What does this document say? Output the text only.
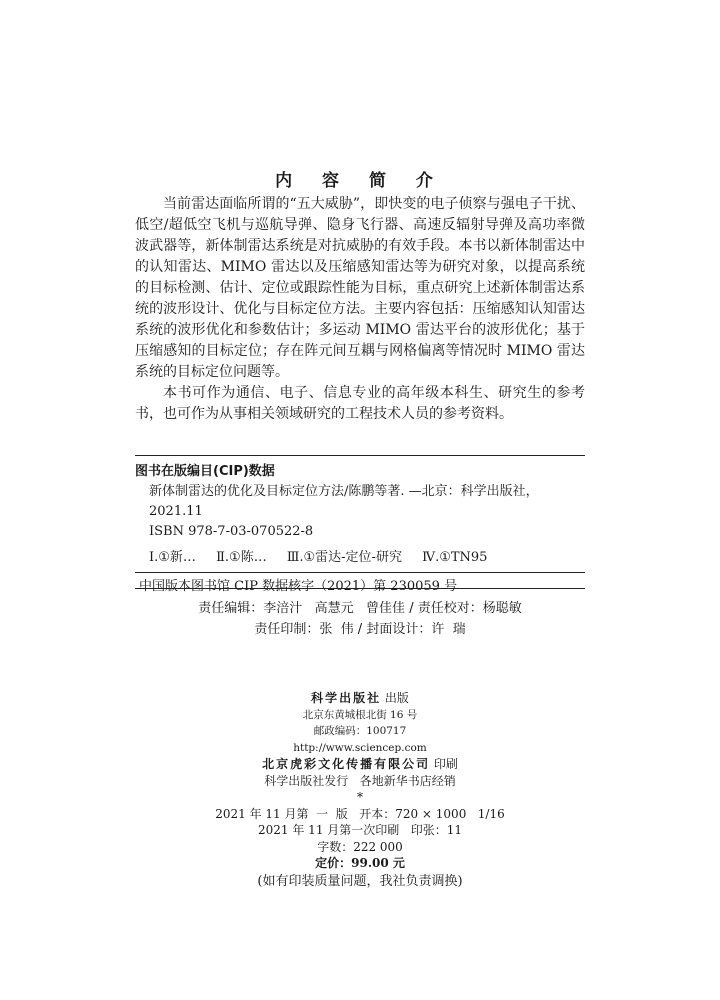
内 容 简 介

当前雷达面临所谓的“五大威胁”，即快变的电子侦察与强电子干扰、低空/超低空飞机与巡航导弹、隐身飞行器、高速反辐射导弹及高功率微波武器等，新体制雷达系统是对抗威胁的有效手段。本书以新体制雷达中的认知雷达、MIMO 雷达以及压缩感知雷达等为研究对象，以提高系统的目标检测、估计、定位或跟踪性能为目标，重点研究上述新体制雷达系统的波形设计、优化与目标定位方法。主要内容包括：压缩感知认知雷达系统的波形优化和参数估计；多运动 MIMO 雷达平台的波形优化；基于压缩感知的目标定位；存在阵元间互耦与网格偏离等情况时 MIMO 雷达系统的目标定位问题等。

本书可作为通信、电子、信息专业的高年级本科生、研究生的参考书，也可作为从事相关领域研究的工程技术人员的参考资料。

图书在版编目(CIP)数据
新体制雷达的优化及目标定位方法/陈鹏等著. —北京：科学出版社，2021.11
ISBN 978-7-03-070522-8
Ⅰ.①新… Ⅱ.①陈… Ⅲ.①雷达-定位-研究 Ⅳ.①TN95
中国版本图书馆 CIP 数据核字（2021）第 230059 号
责任编辑：李涪汁   高慧元   曾佳佳 / 责任校对：杨聪敏
责任印制：张  伟 / 封面设计：许  瑞
科学出版社 出版
北京东黄城根北街 16 号
邮政编码：100717
http://www.sciencep.com
北京虎彩文化传播有限公司 印刷
科学出版社发行   各地新华书店经销
*
2021 年 11 月第  一  版   开本：720 × 1000   1/16
2021 年 11 月第一次印刷   印张：11
字数：222 000
定价：99.00 元
(如有印装质量问题，我社负责调换)
